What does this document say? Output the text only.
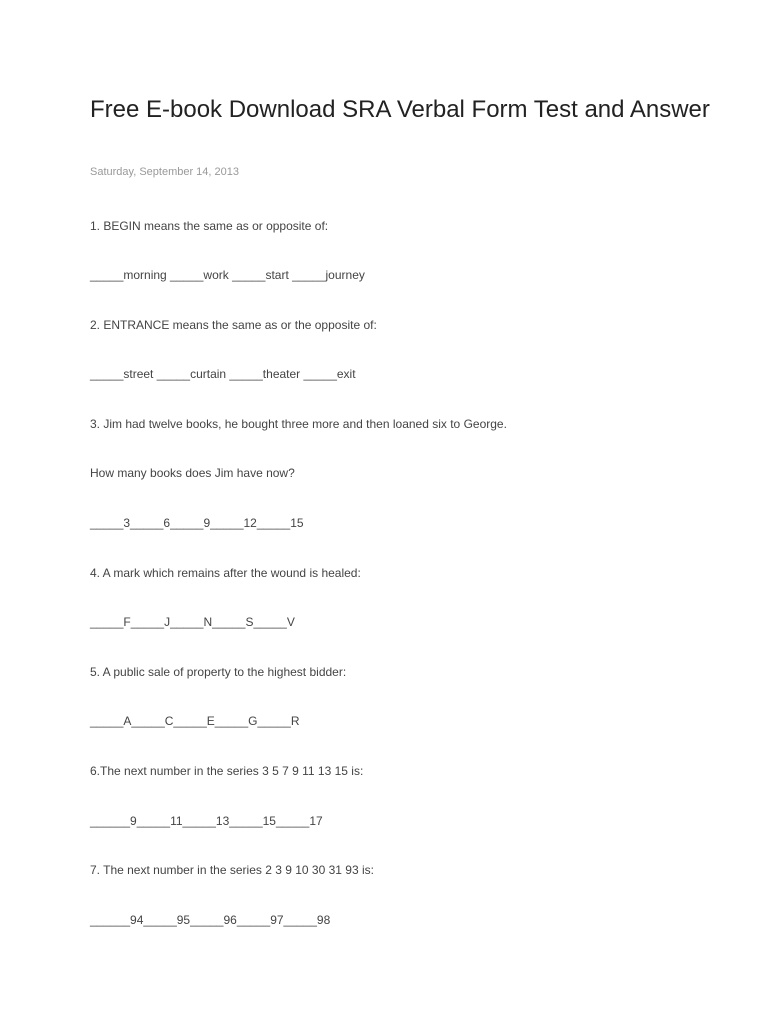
Free E-book Download SRA Verbal Form Test and Answer
Saturday, September 14, 2013
1. BEGIN means the same as or opposite of:
_____morning _____work _____start _____journey
2. ENTRANCE means the same as or the opposite of:
_____street _____curtain _____theater _____exit
3. Jim had twelve books, he bought three more and then loaned six to George.
How many books does Jim have now?
_____3_____6_____9_____12_____15
4. A mark which remains after the wound is healed:
_____F_____J_____N_____S_____V
5. A public sale of property to the highest bidder:
_____A_____C_____E_____G_____R
6.The next number in the series 3 5 7 9 11 13 15 is:
______9_____11_____13_____15_____17
7. The next number in the series 2 3 9 10 30 31 93 is:
______94_____95_____96_____97_____98
